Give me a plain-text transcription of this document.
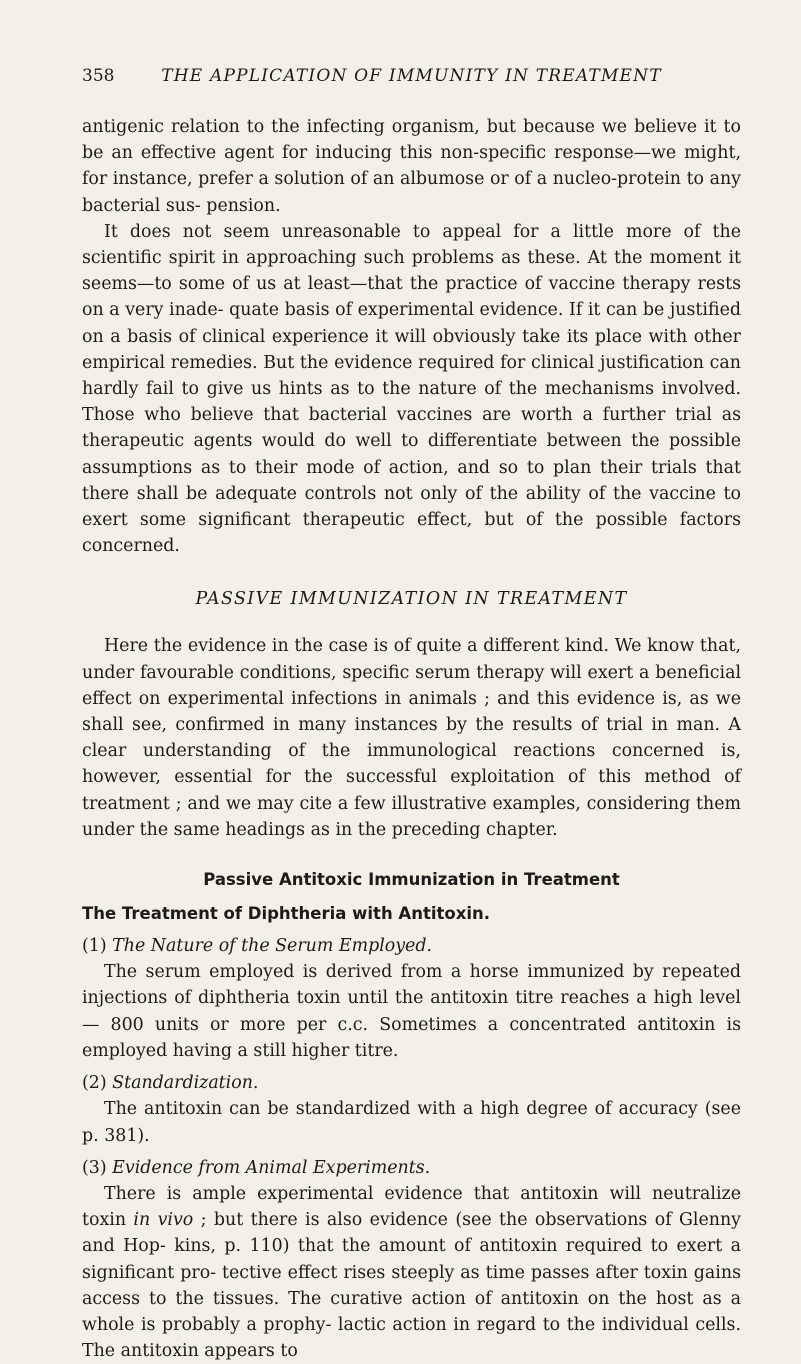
358	THE APPLICATION OF IMMUNITY IN TREATMENT

antigenic relation to the infecting organism, but because we believe it to be an effective agent for inducing this non-specific response—we might, for instance, prefer a solution of an albumose or of a nucleo-protein to any bacterial sus- pension.

It does not seem unreasonable to appeal for a little more of the scientific spirit in approaching such problems as these. At the moment it seems—to some of us at least—that the practice of vaccine therapy rests on a very inade- quate basis of experimental evidence. If it can be justified on a basis of clinical experience it will obviously take its place with other empirical remedies. But the evidence required for clinical justification can hardly fail to give us hints as to the nature of the mechanisms involved. Those who believe that bacterial vaccines are worth a further trial as therapeutic agents would do well to differentiate between the possible assumptions as to their mode of action, and so to plan their trials that there shall be adequate controls not only of the ability of the vaccine to exert some significant therapeutic effect, but of the possible factors concerned.

PASSIVE IMMUNIZATION IN TREATMENT

Here the evidence in the case is of quite a different kind. We know that, under favourable conditions, specific serum therapy will exert a beneficial effect on experimental infections in animals ; and this evidence is, as we shall see, confirmed in many instances by the results of trial in man. A clear understanding of the immunological reactions concerned is, however, essential for the successful exploitation of this method of treatment ; and we may cite a few illustrative examples, considering them under the same headings as in the preceding chapter.

Passive Antitoxic Immunization in Treatment
The Treatment of Diphtheria with Antitoxin.
(1) The Nature of the Serum Employed.

The serum employed is derived from a horse immunized by repeated injections of diphtheria toxin until the antitoxin titre reaches a high level— 800 units or more per c.c. Sometimes a concentrated antitoxin is employed having a still higher titre.

(2) Standardization.

The antitoxin can be standardized with a high degree of accuracy (see p. 381).

(3) Evidence from Animal Experiments.

There is ample experimental evidence that antitoxin will neutralize toxin in vivo ; but there is also evidence (see the observations of Glenny and Hop- kins, p. 110) that the amount of antitoxin required to exert a significant pro- tective effect rises steeply as time passes after toxin gains access to the tissues. The curative action of antitoxin on the host as a whole is probably a prophy- lactic action in regard to the individual cells. The antitoxin appears to
